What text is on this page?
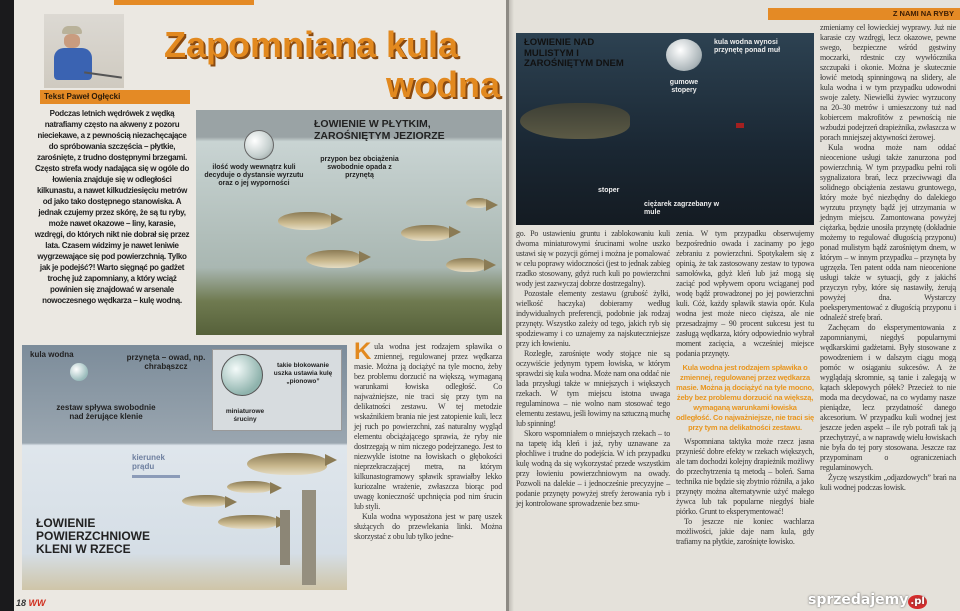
Tekst Paweł Ogłęcki
Zapomniana kula
wodna
Podczas letnich wędrówek z wędką natrafiamy często na akweny z pozoru nieciekawe, a z pewnością niezachęcające do spróbowania szczęścia – płytkie, zarośnięte, z trudno dostępnymi brzegami. Często strefa wody nadająca się w ogóle do łowienia znajduje się w odległości kilkunastu, a nawet kilkudziesięciu metrów od jako tako dostępnego stanowiska. A jednak czujemy przez skórę, że są tu ryby, może nawet okazowe – liny, karasie, wzdręgi, do których nikt nie dobrał się przez lata. Czasem widzimy je nawet leniwie wygrzewające się pod powierzchnią. Tylko jak je podejść?! Warto sięgnąć po gadżet trochę już zapomniany, a który wciąż powinien się znajdować w arsenale nowoczesnego wędkarza – kulę wodną.
ŁOWIENIE W PŁYTKIM, ZAROŚNIĘTYM JEZIORZE
ilość wody wewnątrz kuli decyduje o dystansie wyrzutu oraz o jej wyporności
przypon bez obciążenia swobodnie opada z przynętą
kula wodna	przynęta – owad, np. chrabąszcz
zestaw spływa swobodnie nad żerujące klenie
takie blokowanie uszka ustawia kulę „pionowo”
miniaturowe śruciny
kierunek prądu
ŁOWIENIE POWIERZCHNIOWE KLENI W RZECE

Kula wodna jest rodzajem spławika o zmiennej, regulowanej przez wędkarza masie. Można ją dociążyć na tyle mocno, żeby bez problemu dorzucić na większą, wymaganą warunkami łowiska odległość. Co najważniejsze, nie traci się przy tym na delikatności zestawu. W tej metodzie wskaźnikiem brania nie jest zatopienie kuli, lecz jej ruch po powierzchni, zaś naturalny wygląd elementu obciążającego sprawia, że ryby nie dostrzegają w nim niczego podejrzanego. Jest to niezwykle istotne na łowiskach o głębokości nieprzekraczającej metra, na którym kilkunastogramowy spławik sprawiałby lekko kuriozalne wrażenie, zwłaszcza biorąc pod uwagę konieczność upchnięcia pod nim śrucin lub styli.

Kula wodna wyposażona jest w parę uszek służących do przewlekania linki. Można skorzystać z obu lub tylko jedne-

18 WW
Z NAMI NA RYBY
ŁOWIENIE NAD MULISTYM I ZAROŚNIĘTYM DNEM
kula wodna wynosi przynętę ponad muł
gumowe stopery
stoper
ciężarek zagrzebany w mule

go. Po ustawieniu gruntu i zablokowaniu kuli dwoma miniaturowymi śrucinami wolne uszko ustawi się w pozycji górnej i można je pomalować w celu poprawy widoczności (jest to jednak zabieg rzadko stosowany, gdyż ruch kuli po powierzchni wody jest zazwyczaj dobrze dostrzegalny).

Pozostałe elementy zestawu (grubość żyłki, wielkość haczyka) dobieramy według indywidualnych preferencji, podobnie jak rodzaj przynęty. Wszystko zależy od tego, jakich ryb się spodziewamy i co uznajemy za najskuteczniejsze przy ich łowieniu.

Rozległe, zarośnięte wody stojące nie są oczywiście jedynym typem łowiska, w którym sprawdzi się kula wodna. Może nam ona oddać nie lada przysługi także w mniejszych i większych rzekach. W tym miejscu istotna uwaga regulaminowa – nie wolno nam stosować tego elementu zestawu, jeśli łowimy na sztuczną muchę lub spinning!

Skoro wspomniałem o mniejszych rzekach – to na tapetę idą kleń i jaź, ryby uznawane za płochliwe i trudne do podejścia. W ich przypadku kulę wodną da się wykorzystać przede wszystkim przy łowieniu powierzchniowym na owady. Pozwoli na dalekie – i jednocześnie precyzyjne – podanie przynęty powyżej strefy żerowania ryb i jej kontrolowane sprowadzenie bez smu-

zenia. W tym przypadku obserwujemy bezpośrednio owada i zacinamy po jego zebraniu z powierzchni. Spotykałem się z opinią, że tak zastosowany zestaw to typowa samołówka, gdyż kleń lub jaź mogą się zaciąć pod wpływem oporu wciąganej pod wodę bądź prowadzonej po jej powierzchni kuli. Cóż, każdy spławik stawia opór. Kula wodna jest może nieco cięższa, ale nie przesadzajmy – 90 procent sukcesu jest tu zasługą wędkarza, który odpowiednio wybrał moment zacięcia, a wcześniej miejsce podania przynęty.

Kula wodna jest rodzajem spławika o zmiennej, regulowanej przez wędkarza masie. Można ją dociążyć na tyle mocno, żeby bez problemu dorzucić na większą, wymaganą warunkami łowiska odległość. Co najważniejsze, nie traci się przy tym na delikatności zestawu.

Wspomniana taktyka może rzecz jasna przynieść dobre efekty w rzekach większych, ale tam dochodzi kolejny drapieżnik możliwy do przechytrzenia tą metodą – boleń. Sama technika nie będzie się zbytnio różniła, a jako przynęty można alternatywnie użyć małego żywca lub tak popularne niegdyś białe piórko. Grunt to eksperymentować!

To jeszcze nie koniec wachlarza możliwości, jakie daje nam kula, gdy trafiamy na płytkie, zarośnięte łowisko.

zmieniamy cel łowieckiej wyprawy. Już nie karasie czy wzdręgi, lecz okazowe, pewne swego, bezpieczne wśród gęstwiny moczarki, rdestnic czy wywłócznika szczupaki i okonie. Można je skutecznie łowić metodą spinningową na slidery, ale kula wodna i w tym przypadku udowodni swoje zalety. Niewielki żywiec wyrzucony na 20–30 metrów i umieszczony tuż nad kobiercem makrofitów z pewnością nie wzbudzi podejrzeń drapieżnika, zwłaszcza w porach mniejszej aktywności żerowej.

Kula wodna może nam oddać nieocenione usługi także zanurzona pod powierzchnią. W tym przypadku pełni roli sygnalizatora brań, lecz przeciwwagi dla solidnego obciążenia zestawu gruntowego, który może być niezbędny do dalekiego wyrzutu przynęty bądź jej utrzymania w jednym miejscu. Zamontowana powyżej ciężarka, będzie unosiła przynętę (dokładnie możemy to regulować długością przyponu) ponad mulistym bądź zarośniętym dnem, w którym – w innym przypadku – przynęta by ugrzęzła. Ten patent odda nam nieocenione usługi także w sytuacji, gdy z jakichś przyczyn ryby, które się nastawiły, żerują powyżej dna. Wystarczy poeksperymentować z długością przyponu i odnaleźć strefę brań.

Zachęcam do eksperymentowania z zapomnianymi, niegdyś popularnymi wędkarskimi gadżetami. Były stosowane z powodzeniem i w dalszym ciągu mogą pomóc w osiąganiu sukcesów. A że wyglądają skromnie, są tanie i zalegają w kątach sklepowych półek? Przecież to nie moda ma decydować, na co wydamy nasze pieniądze, lecz przydatność danego akcesorium. W przypadku kuli wodnej jest jeszcze jeden aspekt – ile ryb potrafi tak ją przechytrzyć, a w naprawdę wielu łowiskach nie była do tej pory stosowana. Jeszcze raz przypominam o ograniczeniach regulaminowych.

Życzę wszystkim „odjazdowych” brań na kuli wodnej podczas łowisk.

sprzedajemy .pl
